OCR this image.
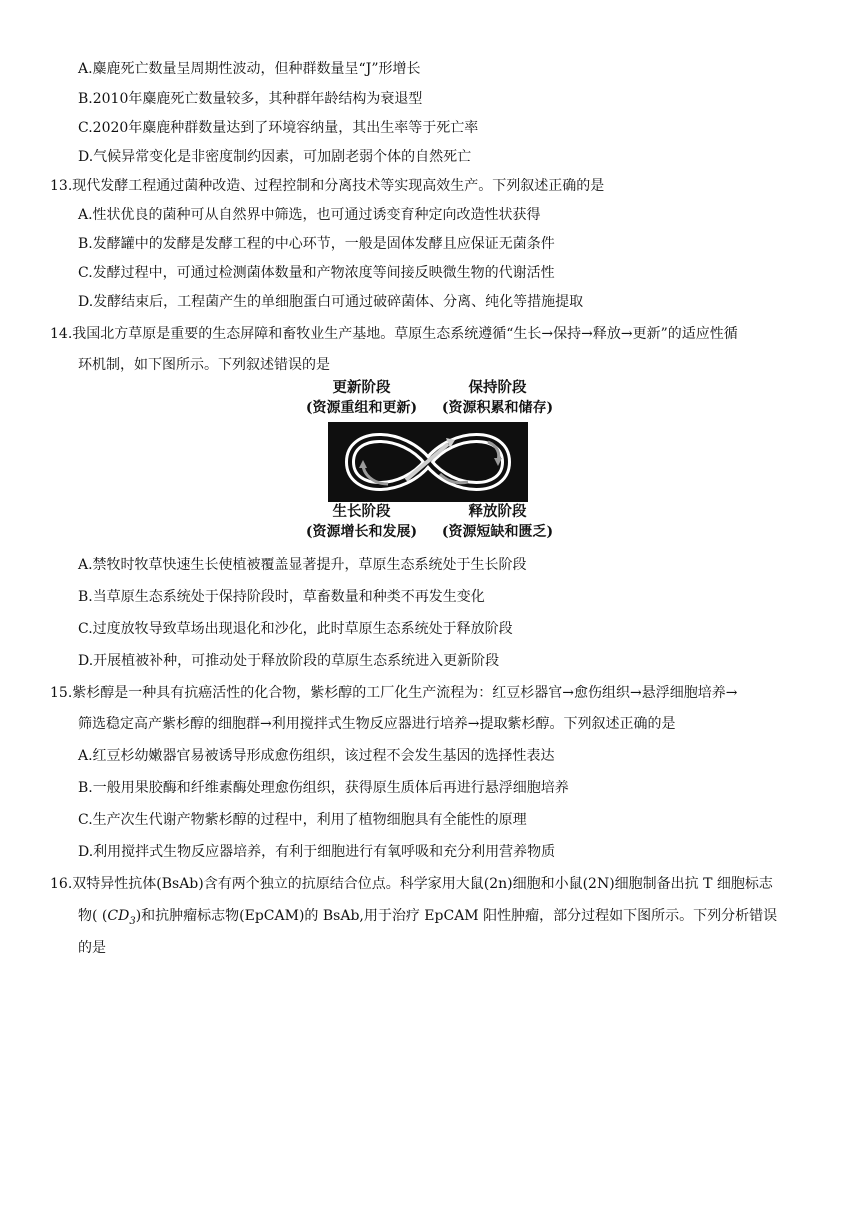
A.麋鹿死亡数量呈周期性波动，但种群数量呈“J”形增长
B.2010年麋鹿死亡数量较多，其种群年龄结构为衰退型
C.2020年麋鹿种群数量达到了环境容纳量，其出生率等于死亡率
D.气候异常变化是非密度制约因素，可加剧老弱个体的自然死亡
13.现代发酵工程通过菌种改造、过程控制和分离技术等实现高效生产。下列叙述正确的是
A.性状优良的菌种可从自然界中筛选，也可通过诱变育种定向改造性状获得
B.发酵罐中的发酵是发酵工程的中心环节，一般是固体发酵且应保证无菌条件
C.发酵过程中，可通过检测菌体数量和产物浓度等间接反映微生物的代谢活性
D.发酵结束后，工程菌产生的单细胞蛋白可通过破碎菌体、分离、纯化等措施提取
14.我国北方草原是重要的生态屏障和畜牧业生产基地。草原生态系统遵循“生长→保持→释放→更新”的适应性循
环机制，如下图所示。下列叙述错误的是
更新阶段
(资源重组和更新)
保持阶段
(资源积累和储存)
生长阶段
(资源增长和发展)
释放阶段
(资源短缺和匮乏)
A.禁牧时牧草快速生长使植被覆盖显著提升，草原生态系统处于生长阶段
B.当草原生态系统处于保持阶段时，草畜数量和种类不再发生变化
C.过度放牧导致草场出现退化和沙化，此时草原生态系统处于释放阶段
D.开展植被补种，可推动处于释放阶段的草原生态系统进入更新阶段
15.紫杉醇是一种具有抗癌活性的化合物，紫杉醇的工厂化生产流程为：红豆杉器官→愈伤组织→悬浮细胞培养→
筛选稳定高产紫杉醇的细胞群→利用搅拌式生物反应器进行培养→提取紫杉醇。下列叙述正确的是
A.红豆杉幼嫩器官易被诱导形成愈伤组织，该过程不会发生基因的选择性表达
B.一般用果胶酶和纤维素酶处理愈伤组织，获得原生质体后再进行悬浮细胞培养
C.生产次生代谢产物紫杉醇的过程中，利用了植物细胞具有全能性的原理
D.利用搅拌式生物反应器培养，有利于细胞进行有氧呼吸和充分利用营养物质
16.双特异性抗体(BsAb)含有两个独立的抗原结合位点。科学家用大鼠(2n)细胞和小鼠(2N)细胞制备出抗 T 细胞标志
物( $(CD_3)$和抗肿瘤标志物(EpCAM)的 BsAb,用于治疗 EpCAM 阳性肿瘤，部分过程如下图所示。下列分析错误
的是
